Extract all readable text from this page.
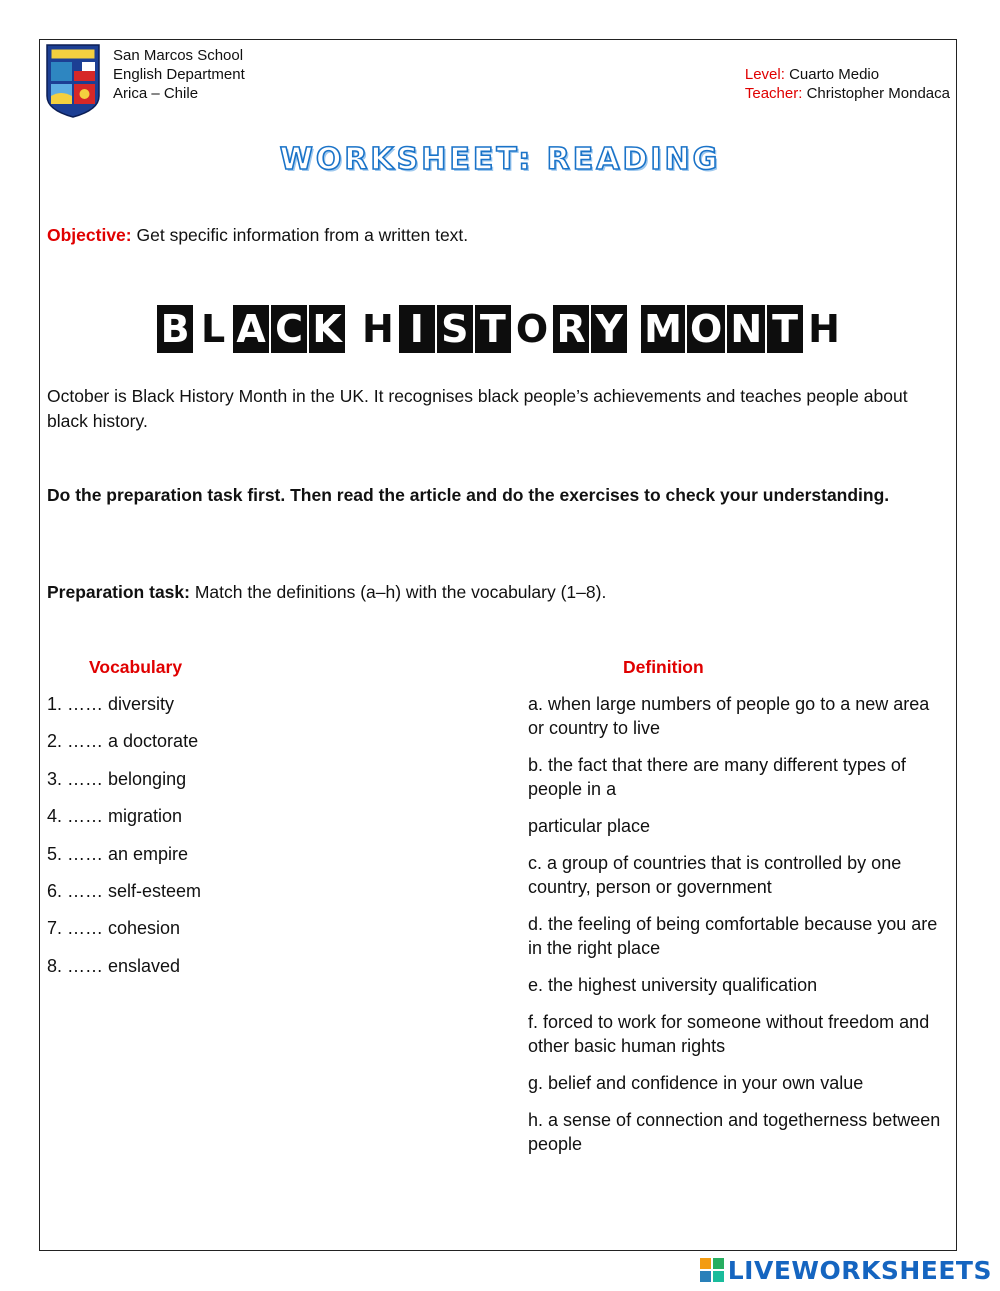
San Marcos School
English Department
Arica – Chile
Level: Cuarto Medio
Teacher: Christopher Mondaca
WORKSHEET: READING
Objective: Get specific information from a written text.
B L A C K H I S T O R Y M O N T H
October is Black History Month in the UK. It recognises black people’s achievements and teaches people about black history.
Do the preparation task first. Then read the article and do the exercises to check your understanding.
Preparation task: Match the definitions (a–h) with the vocabulary (1–8).
Vocabulary	Definition
1. …… diversity
2. …… a doctorate
3. …… belonging
4. …… migration
5. …… an empire
6. …… self-esteem
7. …… cohesion
8. …… enslaved
a. when large numbers of people go to a new area or country to live
b. the fact that there are many different types of people in a
particular place
c. a group of countries that is controlled by one country, person or government
d. the feeling of being comfortable because you are in the right place
e. the highest university qualification
f. forced to work for someone without freedom and other basic human rights
g. belief and confidence in your own value
h. a sense of connection and togetherness between people
LIVEWORKSHEETS
